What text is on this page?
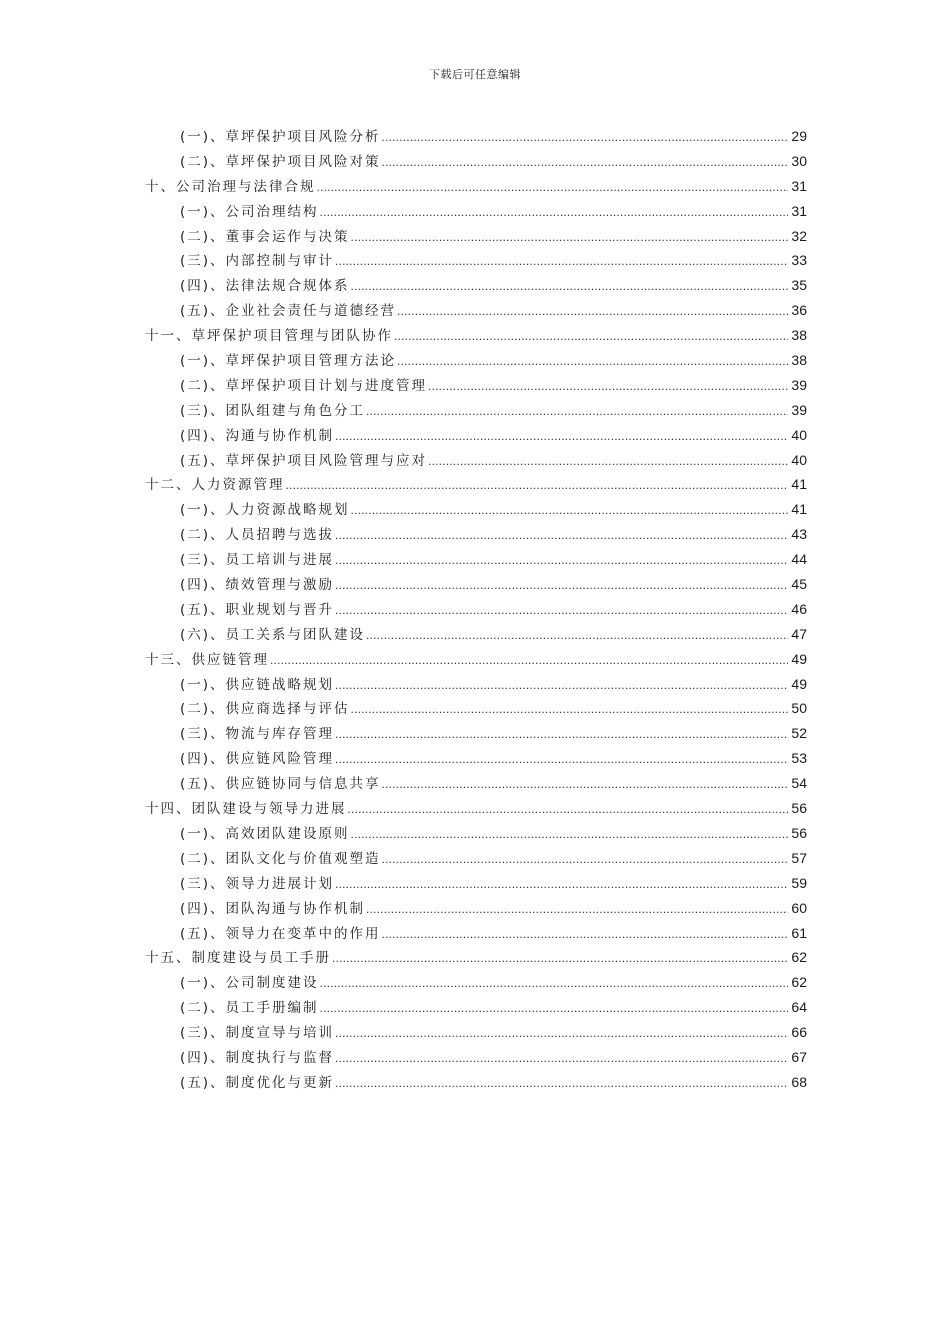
下载后可任意编辑
(一)、草坪保护项目风险分析 .....	29
(二)、草坪保护项目风险对策 .....	30
十、公司治理与法律合规 .....	31
(一)、公司治理结构 .....	31
(二)、董事会运作与决策 .....	32
(三)、内部控制与审计 .....	33
(四)、法律法规合规体系 .....	35
(五)、企业社会责任与道德经营 .....	36
十一、草坪保护项目管理与团队协作 .....	38
(一)、草坪保护项目管理方法论 .....	38
(二)、草坪保护项目计划与进度管理 .....	39
(三)、团队组建与角色分工 .....	39
(四)、沟通与协作机制 .....	40
(五)、草坪保护项目风险管理与应对 .....	40
十二、人力资源管理 .....	41
(一)、人力资源战略规划 .....	41
(二)、人员招聘与选拔 .....	43
(三)、员工培训与进展 .....	44
(四)、绩效管理与激励 .....	45
(五)、职业规划与晋升 .....	46
(六)、员工关系与团队建设 .....	47
十三、供应链管理 .....	49
(一)、供应链战略规划 .....	49
(二)、供应商选择与评估 .....	50
(三)、物流与库存管理 .....	52
(四)、供应链风险管理 .....	53
(五)、供应链协同与信息共享 .....	54
十四、团队建设与领导力进展 .....	56
(一)、高效团队建设原则 .....	56
(二)、团队文化与价值观塑造 .....	57
(三)、领导力进展计划 .....	59
(四)、团队沟通与协作机制 .....	60
(五)、领导力在变革中的作用 .....	61
十五、制度建设与员工手册 .....	62
(一)、公司制度建设 .....	62
(二)、员工手册编制 .....	64
(三)、制度宣导与培训 .....	66
(四)、制度执行与监督 .....	67
(五)、制度优化与更新 .....	68
